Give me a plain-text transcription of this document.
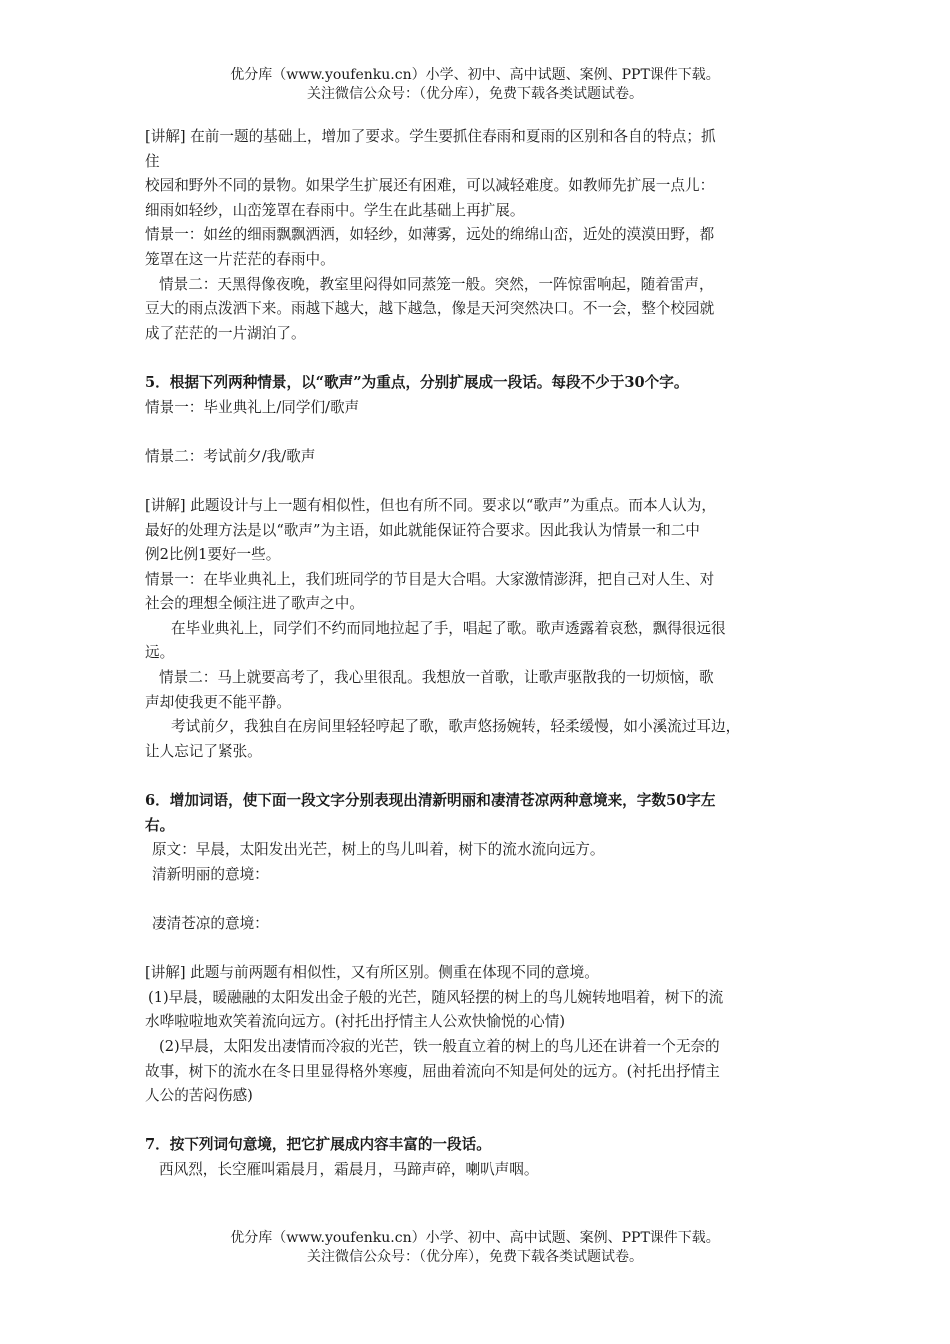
优分库（www.youfenku.cn）小学、初中、高中试题、案例、PPT课件下载。
关注微信公众号：（优分库），免费下载各类试题试卷。

[讲解] 在前一题的基础上，增加了要求。学生要抓住春雨和夏雨的区别和各自的特点；抓

住

校园和野外不同的景物。如果学生扩展还有困难，可以减轻难度。如教师先扩展一点儿：

细雨如轻纱，山峦笼罩在春雨中。学生在此基础上再扩展。

情景一：如丝的细雨飘飘洒洒，如轻纱，如薄雾，远处的绵绵山峦，近处的漠漠田野，都

笼罩在这一片茫茫的春雨中。

情景二：天黑得像夜晚，教室里闷得如同蒸笼一般。突然，一阵惊雷响起，随着雷声，

豆大的雨点泼洒下来。雨越下越大，越下越急，像是天河突然决口。不一会，整个校园就

成了茫茫的一片湖泊了。

5．根据下列两种情景，以“歌声”为重点，分别扩展成一段话。每段不少于30个字。

情景一：毕业典礼上/同学们/歌声

情景二：考试前夕/我/歌声

[讲解] 此题设计与上一题有相似性，但也有所不同。要求以“歌声”为重点。而本人认为，

最好的处理方法是以“歌声”为主语，如此就能保证符合要求。因此我认为情景一和二中

例2比例1要好一些。

情景一：在毕业典礼上，我们班同学的节目是大合唱。大家激情澎湃，把自己对人生、对

社会的理想全倾注进了歌声之中。

在毕业典礼上，同学们不约而同地拉起了手，唱起了歌。歌声透露着哀愁，飘得很远很

远。

情景二：马上就要高考了，我心里很乱。我想放一首歌，让歌声驱散我的一切烦恼，歌

声却使我更不能平静。

考试前夕，我独自在房间里轻轻哼起了歌，歌声悠扬婉转，轻柔缓慢，如小溪流过耳边，

让人忘记了紧张。

6．增加词语，使下面一段文字分别表现出清新明丽和凄清苍凉两种意境来，字数50字左

右。

原文：早晨，太阳发出光芒，树上的鸟儿叫着，树下的流水流向远方。

清新明丽的意境：

凄清苍凉的意境：

[讲解] 此题与前两题有相似性，又有所区别。侧重在体现不同的意境。

(1)早晨，暖融融的太阳发出金子般的光芒，随风轻摆的树上的鸟儿婉转地唱着，树下的流

水哗啦啦地欢笑着流向远方。(衬托出抒情主人公欢快愉悦的心情)

(2)早晨，太阳发出凄情而冷寂的光芒，铁一般直立着的树上的鸟儿还在讲着一个无奈的

故事，树下的流水在冬日里显得格外寒瘦，屈曲着流向不知是何处的远方。(衬托出抒情主

人公的苦闷伤感)

7．按下列词句意境，把它扩展成内容丰富的一段话。

西风烈，长空雁叫霜晨月，霜晨月，马蹄声碎，喇叭声咽。

优分库（www.youfenku.cn）小学、初中、高中试题、案例、PPT课件下载。
关注微信公众号：（优分库），免费下载各类试题试卷。
